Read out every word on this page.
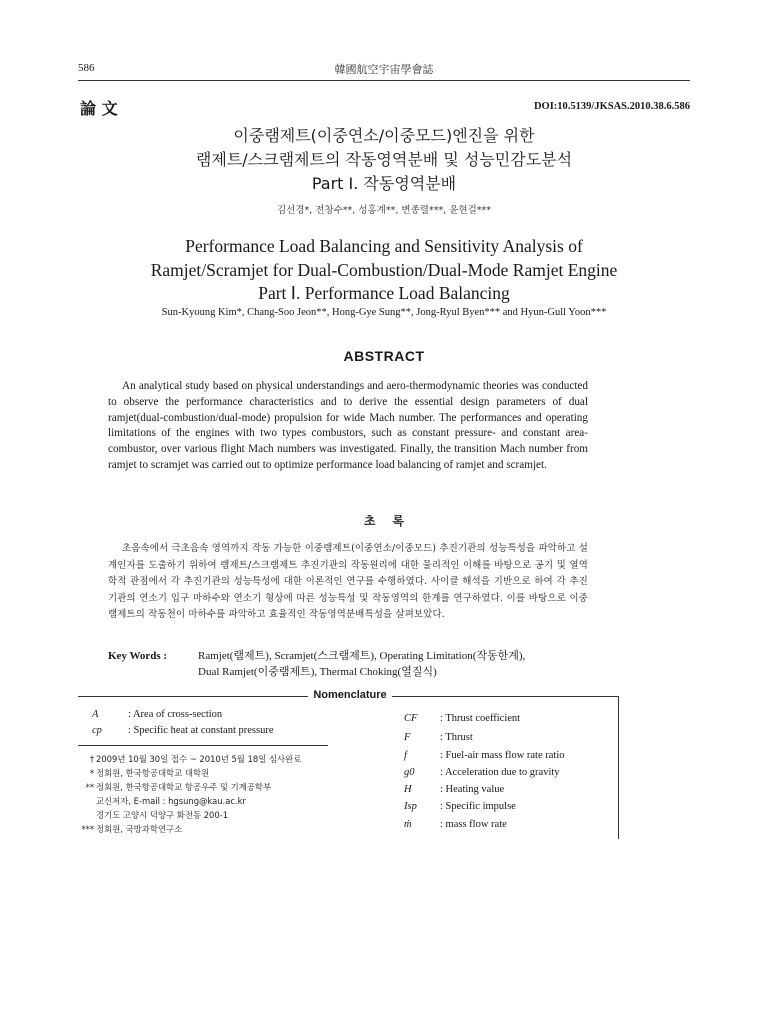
586	韓國航空宇宙學會誌
論 文	DOI:10.5139/JKSAS.2010.38.6.586
이중램제트(이중연소/이중모드)엔진을 위한
램제트/스크램제트의 작동영역분배 및 성능민감도분석
Part Ⅰ. 작동영역분배
김선경*, 전창수**, 성홍계**, 변종렬***, 윤현걸***
Performance Load Balancing and Sensitivity Analysis of
Ramjet/Scramjet for Dual-Combustion/Dual-Mode Ramjet Engine
Part Ⅰ. Performance Load Balancing
Sun-Kyoung Kim*, Chang-Soo Jeon**, Hong-Gye Sung**, Jong-Ryul Byen*** and Hyun-Gull Yoon***
ABSTRACT
An analytical study based on physical understandings and aero-thermodynamic theories was conducted to observe the performance characteristics and to derive the essential design parameters of dual ramjet(dual-combustion/dual-mode) propulsion for wide Mach number. The performances and operating limitations of the engines with two types combustors, such as constant pressure- and constant area- combustor, over various flight Mach numbers was investigated. Finally, the transition Mach number from ramjet to scramjet was carried out to optimize performance load balancing of ramjet and scramjet.
초    록
초음속에서 극초음속 영역까지 작동 가능한 이중램제트(이중연소/이중모드) 추진기관의 성능특성을 파악하고 설계인자를 도출하기 위하여 램제트/스크램제트 추진기관의 작동원리에 대한 물리적인 이해를 바탕으로 공기 및 열역학적 관점에서 각 추진기관의 성능특성에 대한 이론적인 연구를 수행하였다. 사이클 해석을 기반으로 하여 각 추진기관의 연소기 입구 마하수와 연소기 형상에 따른 성능특성 및 작동영역의 한계를 연구하였다. 이를 바탕으로 이중램제트의 작동천이 마하수를 파악하고 효율적인 작동영역분배특성을 살펴보았다.
Key Words :	Ramjet(램제트), Scramjet(스크램제트), Operating Limitation(작동한계),
Dual Ramjet(이중램제트), Thermal Choking(열질식)
Nomenclature
A	: Area of cross-section
cp : Specific heat at constant pressure
† 2009년 10월 30일 접수 ~ 2010년 5월 18일 심사완료
* 정회원, 한국항공대학교 대학원
** 정회원, 한국항공대학교 항공우주 및 기계공학부
교신저자, E-mail : hgsung@kau.ac.kr
경기도 고양시 덕양구 화전동 200-1
*** 정회원, 국방과학연구소
CF : Thrust coefficient
F	: Thrust
f	: Fuel-air mass flow rate ratio
g0 : Acceleration due to gravity
H	: Heating value
Isp : Specific impulse
ṁ	: mass flow rate
